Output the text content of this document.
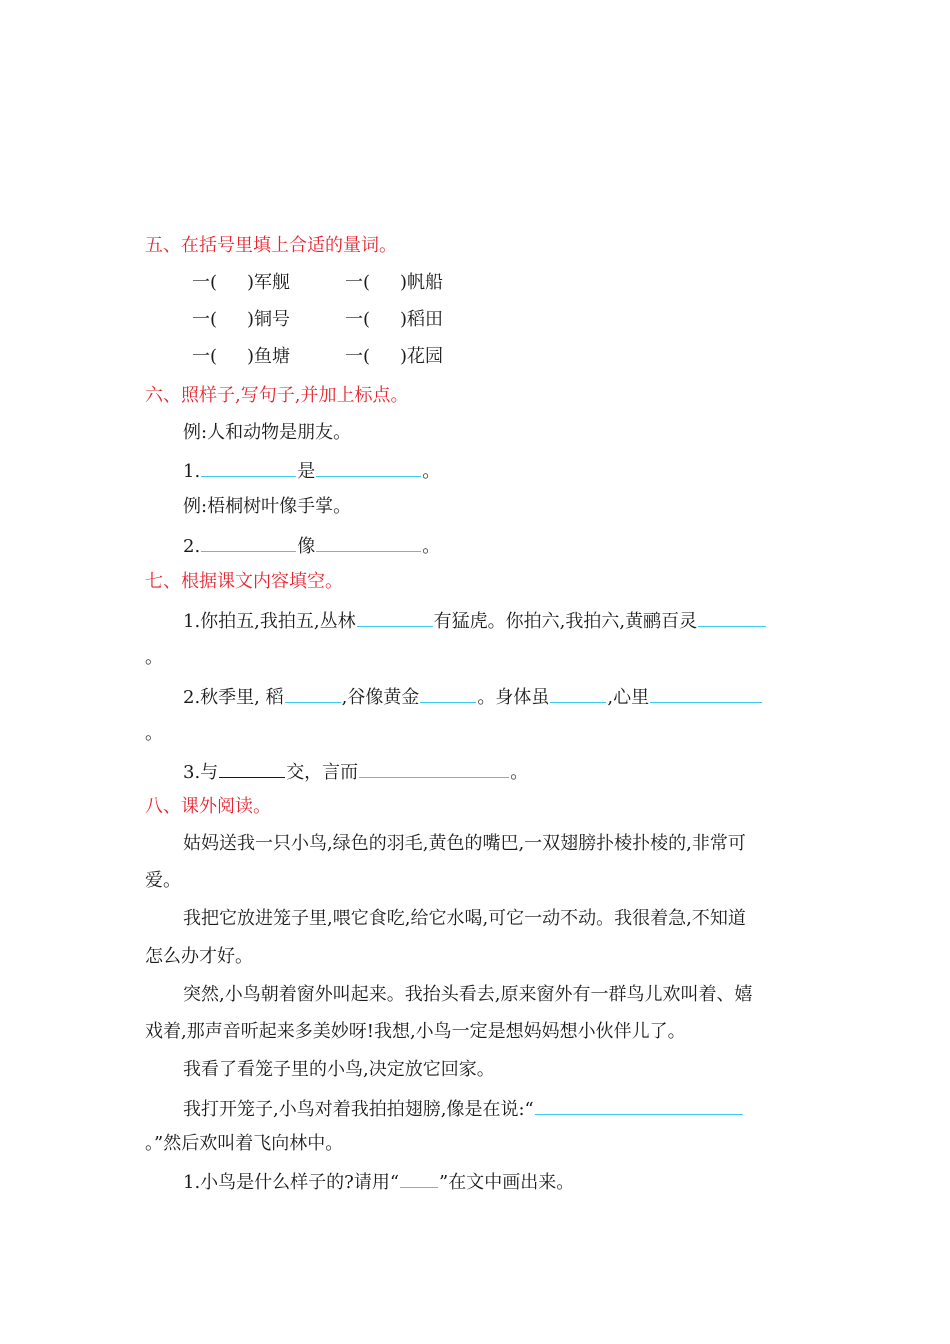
五、在括号里填上合适的量词。
一( )军舰	一( )帆船
一( )铜号	一( )稻田
一( )鱼塘	一( )花园
六、照样子,写句子,并加上标点。
例:人和动物是朋友。
1.	是	。
例:梧桐树叶像手掌。
2.	像	。
七、根据课文内容填空。
1.你拍五,我拍五,丛林	有猛虎。你拍六,我拍六,黄鹂百灵
。
2.秋季里, 稻	,谷像黄金	。身体虽	,心里
。
3.与	交，言而	。
八、课外阅读。
姑妈送我一只小鸟,绿色的羽毛,黄色的嘴巴,一双翅膀扑棱扑棱的,非常可
爱。
我把它放进笼子里,喂它食吃,给它水喝,可它一动不动。我很着急,不知道
怎么办才好。
突然,小鸟朝着窗外叫起来。我抬头看去,原来窗外有一群鸟儿欢叫着、嬉
戏着,那声音听起来多美妙呀!我想,小鸟一定是想妈妈想小伙伴儿了。
我看了看笼子里的小鸟,决定放它回家。
我打开笼子,小鸟对着我拍拍翅膀,像是在说:“
。”然后欢叫着飞向林中。
1.小鸟是什么样子的?请用“ ”在文中画出来。
